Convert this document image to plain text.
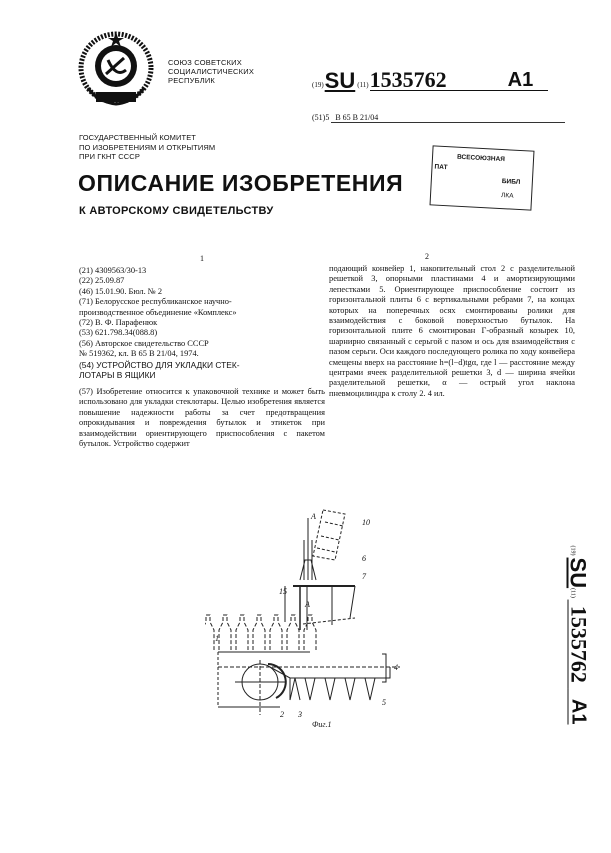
СОЮЗ СОВЕТСКИХ
СОЦИАЛИСТИЧЕСКИХ
РЕСПУБЛИК	(19) SU (11) 1535762	A1
(51)5 B 65 B 21/04
ГОСУДАРСТВЕННЫЙ КОМИТЕТ
ПО ИЗОБРЕТЕНИЯМ И ОТКРЫТИЯМ
ПРИ ГКНТ СССР	ВСЕСОЮЗНАЯ
ПАТ
БИБЛ
ЛКА
ОПИСАНИЕ ИЗОБРЕТЕНИЯ
К АВТОРСКОМУ СВИДЕТЕЛЬСТВУ
1	2
(21) 4309563/30-13
(22) 25.09.87
(46) 15.01.90. Бюл. № 2
(71) Белорусское республиканское научно-
производственное объединение «Комплекс»
(72) В. Ф. Парафенюк
(53) 621.798.34(088.8)
(56) Авторское свидетельство СССР
№ 519362, кл. B 65 B 21/04, 1974.
(54) УСТРОЙСТВО ДЛЯ УКЛАДКИ СТЕК-
ЛОТАРЫ В ЯЩИКИ
(57) Изобретение относится к упаковочной технике и может быть использовано для укладки стеклотары. Целью изобретения является повышение надежности работы за счет предотвращения опрокидывания и повреждения бутылок и этикеток при взаимодействии ориентирующего приспособления с пакетом бутылок. Устройство содержит
подающий конвейер 1, накопительный стол 2 с разделительной решеткой 3, опорными пластинами 4 и амортизирующими лепестками 5. Ориентирующее приспособление состоит из горизонтальной плиты 6 с вертикальными ребрами 7, на концах которых на поперечных осях смонтированы ролики для взаимодействия с боковой поверхностью бутылок. На горизонтальной плите 6 смонтирован Г-образный козырек 10, шарнирно связанный с серьгой с пазом и ось для взаимодействия с пазом серьги. Оси каждого последующего ролика по ходу конвейера смещены вверх на расстояние h=(l−d)tgα, где l — расстояние между центрами ячеек разделительной решетки 3, d — ширина ячейки разделительной решетки, α — острый угол наклона пневмоцилиндра к столу 2. 4 ил.
(19)
SU
(11)
1535762
A1
1
2 3
4
5
6
7
10
15
А
А
Фиг.1
